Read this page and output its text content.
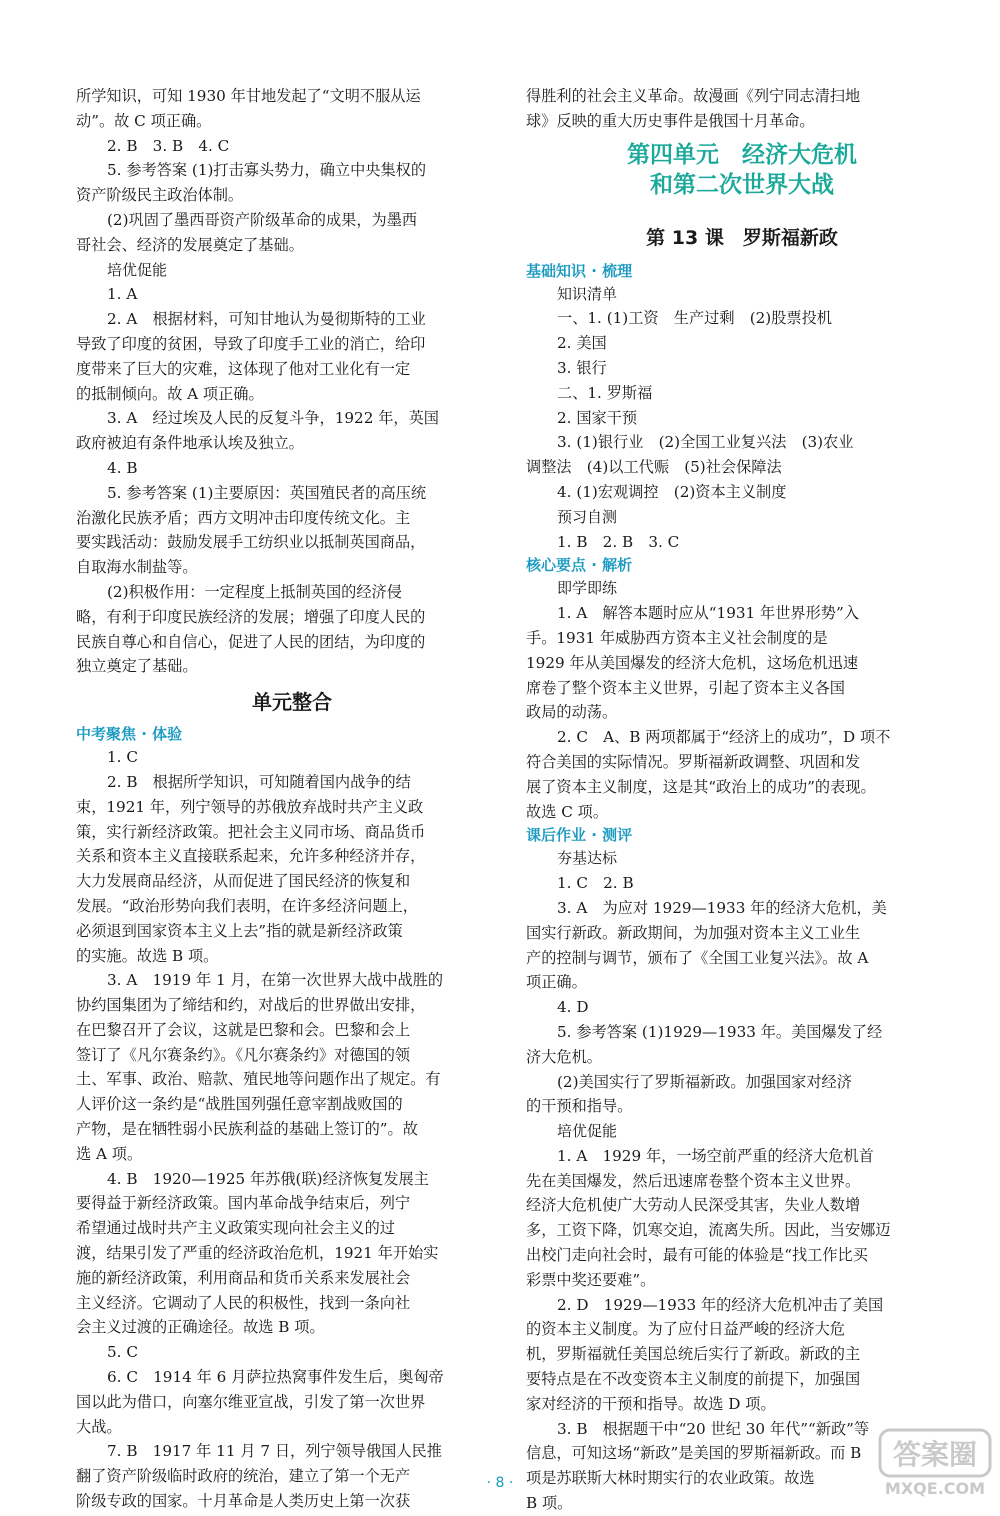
所学知识，可知 1930 年甘地发起了“文明不服从运

动”。故 C 项正确。

2. B　3. B　4. C

5. 参考答案 (1)打击寡头势力，确立中央集权的

资产阶级民主政治体制。

(2)巩固了墨西哥资产阶级革命的成果，为墨西

哥社会、经济的发展奠定了基础。

培优促能

1. A

2. A　根据材料，可知甘地认为曼彻斯特的工业

导致了印度的贫困，导致了印度手工业的消亡，给印

度带来了巨大的灾难，这体现了他对工业化有一定

的抵制倾向。故 A 项正确。

3. A　经过埃及人民的反复斗争，1922 年，英国

政府被迫有条件地承认埃及独立。

4. B

5. 参考答案 (1)主要原因：英国殖民者的高压统

治激化民族矛盾；西方文明冲击印度传统文化。主

要实践活动：鼓励发展手工纺织业以抵制英国商品，

自取海水制盐等。

(2)积极作用：一定程度上抵制英国的经济侵

略，有利于印度民族经济的发展；增强了印度人民的

民族自尊心和自信心，促进了人民的团结，为印度的

独立奠定了基础。

单元整合
中考聚焦 · 体验

1. C

2. B　根据所学知识，可知随着国内战争的结

束，1921 年，列宁领导的苏俄放弃战时共产主义政

策，实行新经济政策。把社会主义同市场、商品货币

关系和资本主义直接联系起来，允许多种经济并存，

大力发展商品经济，从而促进了国民经济的恢复和

发展。“政治形势向我们表明，在许多经济问题上，

必须退到国家资本主义上去”指的就是新经济政策

的实施。故选 B 项。

3. A　1919 年 1 月，在第一次世界大战中战胜的

协约国集团为了缔结和约，对战后的世界做出安排，

在巴黎召开了会议，这就是巴黎和会。巴黎和会上

签订了《凡尔赛条约》。《凡尔赛条约》对德国的领

土、军事、政治、赔款、殖民地等问题作出了规定。有

人评价这一条约是“战胜国列强任意宰割战败国的

产物，是在牺牲弱小民族利益的基础上签订的”。故

选 A 项。

4. B　1920—1925 年苏俄(联)经济恢复发展主

要得益于新经济政策。国内革命战争结束后，列宁

希望通过战时共产主义政策实现向社会主义的过

渡，结果引发了严重的经济政治危机，1921 年开始实

施的新经济政策，利用商品和货币关系来发展社会

主义经济。它调动了人民的积极性，找到一条向社

会主义过渡的正确途径。故选 B 项。

5. C

6. C　1914 年 6 月萨拉热窝事件发生后，奥匈帝

国以此为借口，向塞尔维亚宣战，引发了第一次世界

大战。

7. B　1917 年 11 月 7 日，列宁领导俄国人民推

翻了资产阶级临时政府的统治，建立了第一个无产

阶级专政的国家。十月革命是人类历史上第一次获

得胜利的社会主义革命。故漫画《列宁同志清扫地

球》反映的重大历史事件是俄国十月革命。

第四单元　经济大危机
和第二次世界大战
第 13 课　罗斯福新政
基础知识 · 梳理

知识清单

一、1. (1)工资　生产过剩　(2)股票投机

2. 美国

3. 银行

二、1. 罗斯福

2. 国家干预

3. (1)银行业　(2)全国工业复兴法　(3)农业

调整法　(4)以工代赈　(5)社会保障法

4. (1)宏观调控　(2)资本主义制度

预习自测

1. B　2. B　3. C

核心要点 · 解析

即学即练

1. A　解答本题时应从“1931 年世界形势”入

手。1931 年威胁西方资本主义社会制度的是

1929 年从美国爆发的经济大危机，这场危机迅速

席卷了整个资本主义世界，引起了资本主义各国

政局的动荡。

2. C　A、B 两项都属于“经济上的成功”，D 项不

符合美国的实际情况。罗斯福新政调整、巩固和发

展了资本主义制度，这是其“政治上的成功”的表现。

故选 C 项。

课后作业 · 测评

夯基达标

1. C　2. B

3. A　为应对 1929—1933 年的经济大危机，美

国实行新政。新政期间，为加强对资本主义工业生

产的控制与调节，颁布了《全国工业复兴法》。故 A

项正确。

4. D

5. 参考答案 (1)1929—1933 年。美国爆发了经

济大危机。

(2)美国实行了罗斯福新政。加强国家对经济

的干预和指导。

培优促能

1. A　1929 年，一场空前严重的经济大危机首

先在美国爆发，然后迅速席卷整个资本主义世界。

经济大危机使广大劳动人民深受其害，失业人数增

多，工资下降，饥寒交迫，流离失所。因此，当安娜迈

出校门走向社会时，最有可能的体验是“找工作比买

彩票中奖还要难”。

2. D　1929—1933 年的经济大危机冲击了美国

的资本主义制度。为了应付日益严峻的经济大危

机，罗斯福就任美国总统后实行了新政。新政的主

要特点是在不改变资本主义制度的前提下，加强国

家对经济的干预和指导。故选 D 项。

3. B　根据题干中“20 世纪 30 年代”“新政”等

信息，可知这场“新政”是美国的罗斯福新政。而 B

项是苏联斯大林时期实行的农业政策。故选

B 项。

· 8 ·
答案圈
MXQE.COM
